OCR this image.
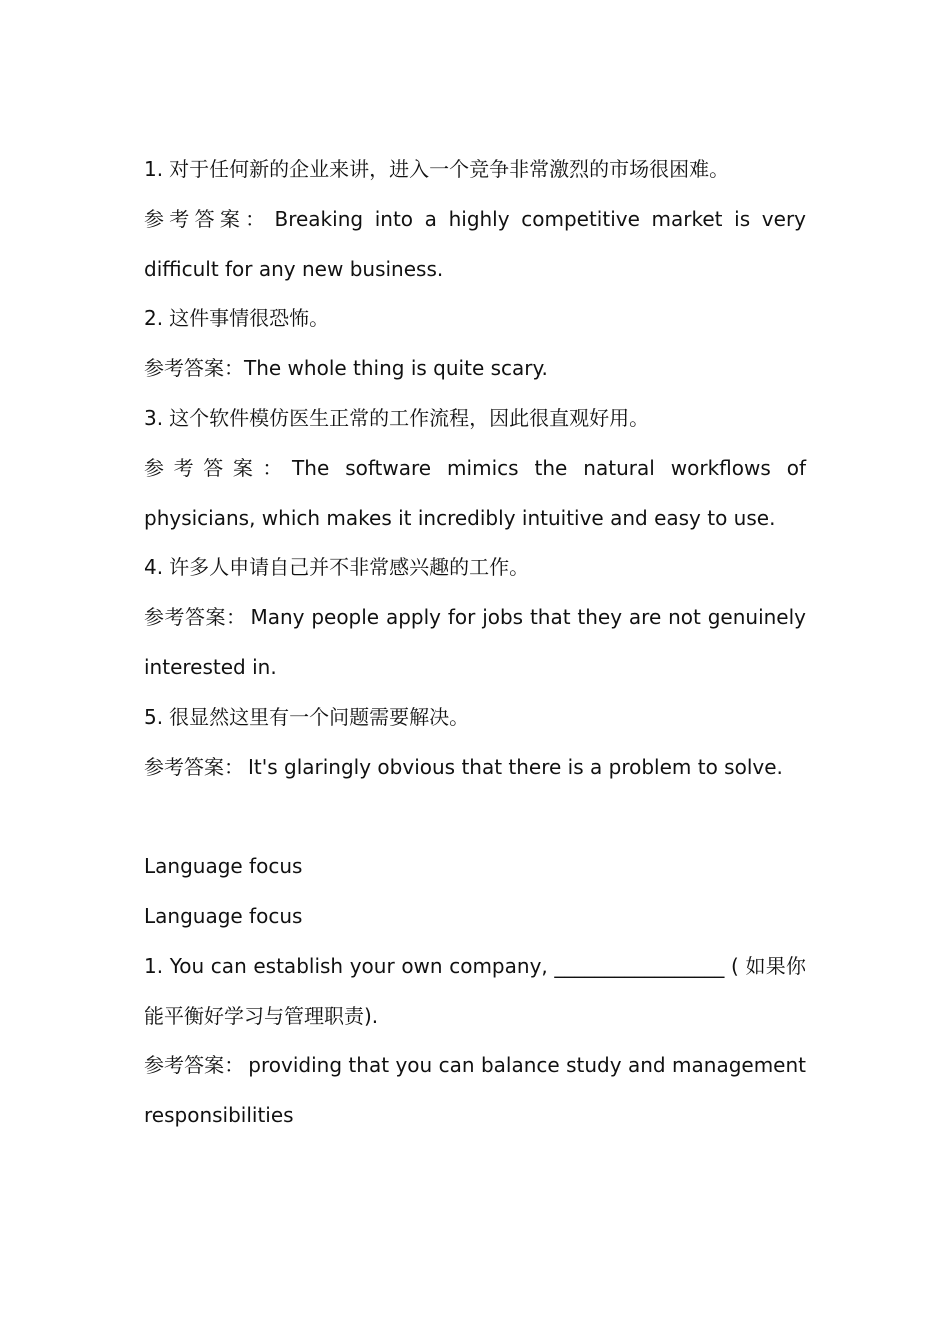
1. 对于任何新的企业来讲，进入一个竞争非常激烈的市场很困难。
参考答案： Breaking into a highly competitive market is very difficult for any new business.
2. 这件事情很恐怖。
参考答案：The whole thing is quite scary.
3. 这个软件模仿医生正常的工作流程，因此很直观好用。
参考答案：The software mimics the natural workflows of physicians, which makes it incredibly intuitive and easy to use.
4. 许多人申请自己并不非常感兴趣的工作。
参考答案： Many people apply for jobs that they are not genuinely interested in.
5. 很显然这里有一个问题需要解决。
参考答案： It's glaringly obvious that there is a problem to solve.
Language focus
Language focus
1. You can establish your own company, _________________ ( 如果你能平衡好学习与管理职责).
参考答案： providing that you can balance study and management responsibilities
